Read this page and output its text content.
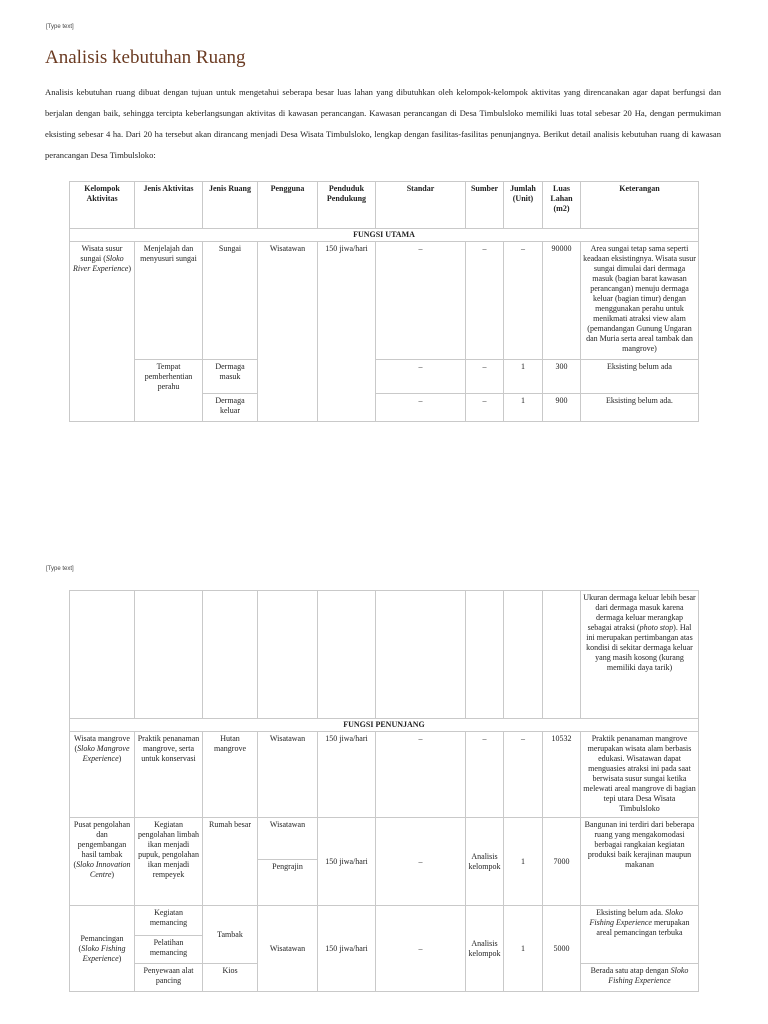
[Type text]
Analisis kebutuhan Ruang
Analisis kebutuhan ruang dibuat dengan tujuan untuk mengetahui seberapa besar luas lahan yang dibutuhkan oleh kelompok-kelompok aktivitas yang direncanakan agar dapat berfungsi dan berjalan dengan baik, sehingga tercipta keberlangsungan aktivitas di kawasan perancangan. Kawasan perancangan di Desa Timbulsloko memiliki luas total sebesar 20 Ha, dengan permukiman eksisting sebesar 4 ha. Dari 20 ha tersebut akan dirancang menjadi Desa Wisata Timbulsloko, lengkap dengan fasilitas-fasilitas penunjangnya. Berikut detail analisis kebutuhan ruang di kawasan perancangan Desa Timbulsloko:
Kelompok Aktivitas	Jenis Aktivitas	Jenis Ruang	Pengguna	Penduduk Pendukung	Standar	Sumber	Jumlah (Unit)	Luas Lahan (m2)	Keterangan
FUNGSI UTAMA									
Wisata susur sungai (Sloko River Experience)	Menjelajah dan menyusuri sungai	Sungai	Wisatawan	150 jiwa/hari	–	–	–	90000	Area sungai tetap sama seperti keadaan eksistingnya. Wisata susur sungai dimulai dari dermaga masuk (bagian barat kawasan perancangan) menuju dermaga keluar (bagian timur) dengan menggunakan perahu untuk menikmati atraksi view alam (pemandangan Gunung Ungaran dan Muria serta areal tambak dan mangrove)
	Tempat pemberhentian perahu	Dermaga masuk			–	–	1	300	Eksisting belum ada
		Dermaga keluar			–	–	1	900	Eksisting belum ada.
[Type text]
									Ukuran dermaga keluar lebih besar dari dermaga masuk karena dermaga keluar merangkap sebagai atraksi (photo stop). Hal ini merupakan pertimbangan atas kondisi di sekitar dermaga keluar yang masih kosong (kurang memiliki daya tarik)
FUNGSI PENUNJANG									
Wisata mangrove (Sloko Mangrove Experience)	Praktik penanaman mangrove, serta untuk konservasi	Hutan mangrove	Wisatawan	150 jiwa/hari	–	–	–	10532	Praktik penanaman mangrove merupakan wisata alam berbasis edukasi. Wisatawan dapat menguasies atraksi ini pada saat berwisata susur sungai ketika melewati areal mangrove di bagian tepi utara Desa Wisata Timbulsloko
Pusat pengolahan dan pengembangan hasil tambak (Sloko Innovation Centre)	Kegiatan pengolahan limbah ikan menjadi pupuk, pengolahan ikan menjadi rempeyek	Rumah besar	Wisatawan	150 jiwa/hari	–	Analisis kelompok	1	7000	Bangunan ini terdiri dari beberapa ruang yang mengakomodasi berbagai rangkaian kegiatan produksi baik kerajinan maupun makanan
			Pengrajin						
Pemancingan (Sloko Fishing Experience)	Kegiatan memancing	Tambak	Wisatawan	150 jiwa/hari	–	Analisis kelompok	1	5000	Eksisting belum ada. Sloko Fishing Experience merupakan areal pemancingan terbuka
	Pelatihan memancing								
	Penyewaan alat pancing	Kios							Berada satu atap dengan Sloko Fishing Experience
